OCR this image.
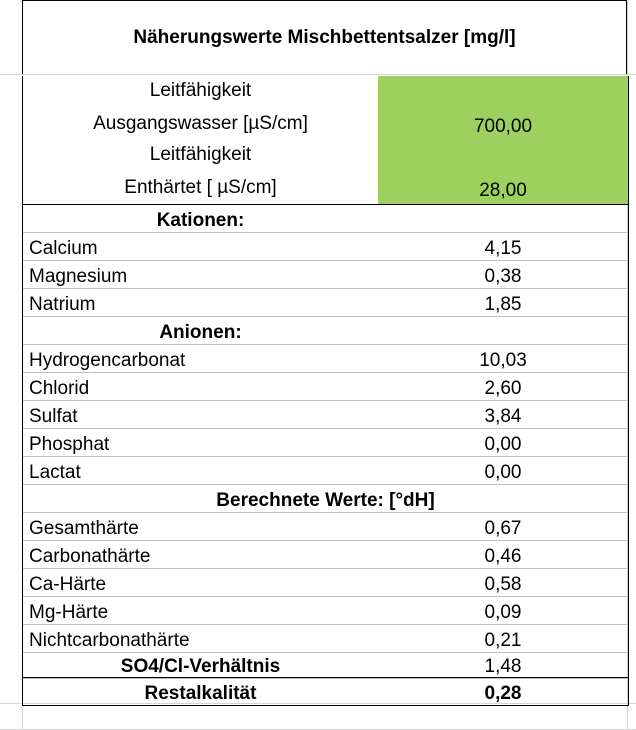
Näherungswerte Mischbettentsalzer [mg/l]
Leitfähigkeit
Ausgangswasser [µS/cm]	700,00
Leitfähigkeit
Enthärtet [ µS/cm]	28,00
Kationen:
Calcium	4,15
Magnesium	0,38
Natrium	1,85
Anionen:
Hydrogencarbonat	10,03
Chlorid	2,60
Sulfat	3,84
Phosphat	0,00
Lactat	0,00
Berechnete Werte: [°dH]
Gesamthärte	0,67
Carbonathärte	0,46
Ca-Härte	0,58
Mg-Härte	0,09
Nichtcarbonathärte	0,21
SO4/Cl-Verhältnis	1,48
Restalkalität	0,28
